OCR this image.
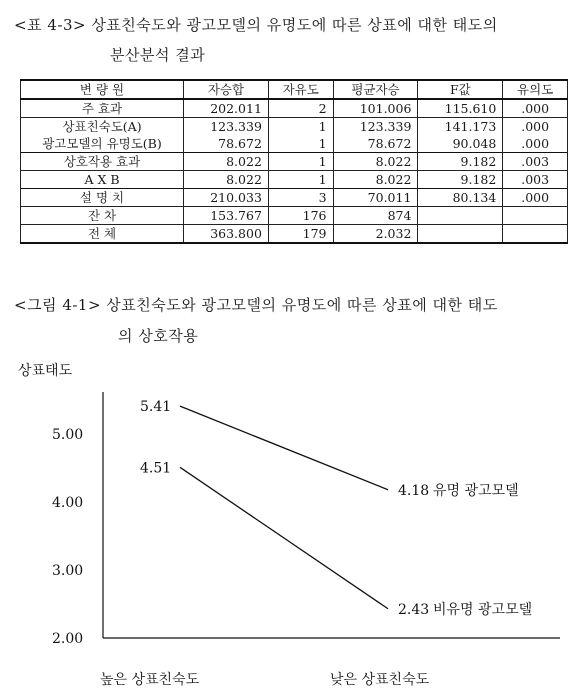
<표 4-3> 상표친숙도와 광고모델의 유명도에 따른 상표에 대한 태도의
분산분석 결과
변 량 원	자승합	자유도	평균자승	F값	유의도
주 효과	202.011	2	101.006	115.610	.000
상표친숙도(A)	123.339	1	123.339	141.173	.000
광고모델의 유명도(B)	78.672	1	78.672	90.048	.000
상호작용 효과	8.022	1	8.022	9.182	.003
A X B	8.022	1	8.022	9.182	.003
설 명 치	210.033	3	70.011	80.134	.000
잔 차	153.767	176	874		
전 체	363.800	179	2.032		
<그림 4-1> 상표친숙도와 광고모델의 유명도에 따른 상표에 대한 태도
의 상호작용
상표태도
5.00
4.00
3.00
2.00
높은 상표친숙도	낮은 상표친숙도
5.41
4.18 유명 광고모델
4.51
2.43 비유명 광고모델
